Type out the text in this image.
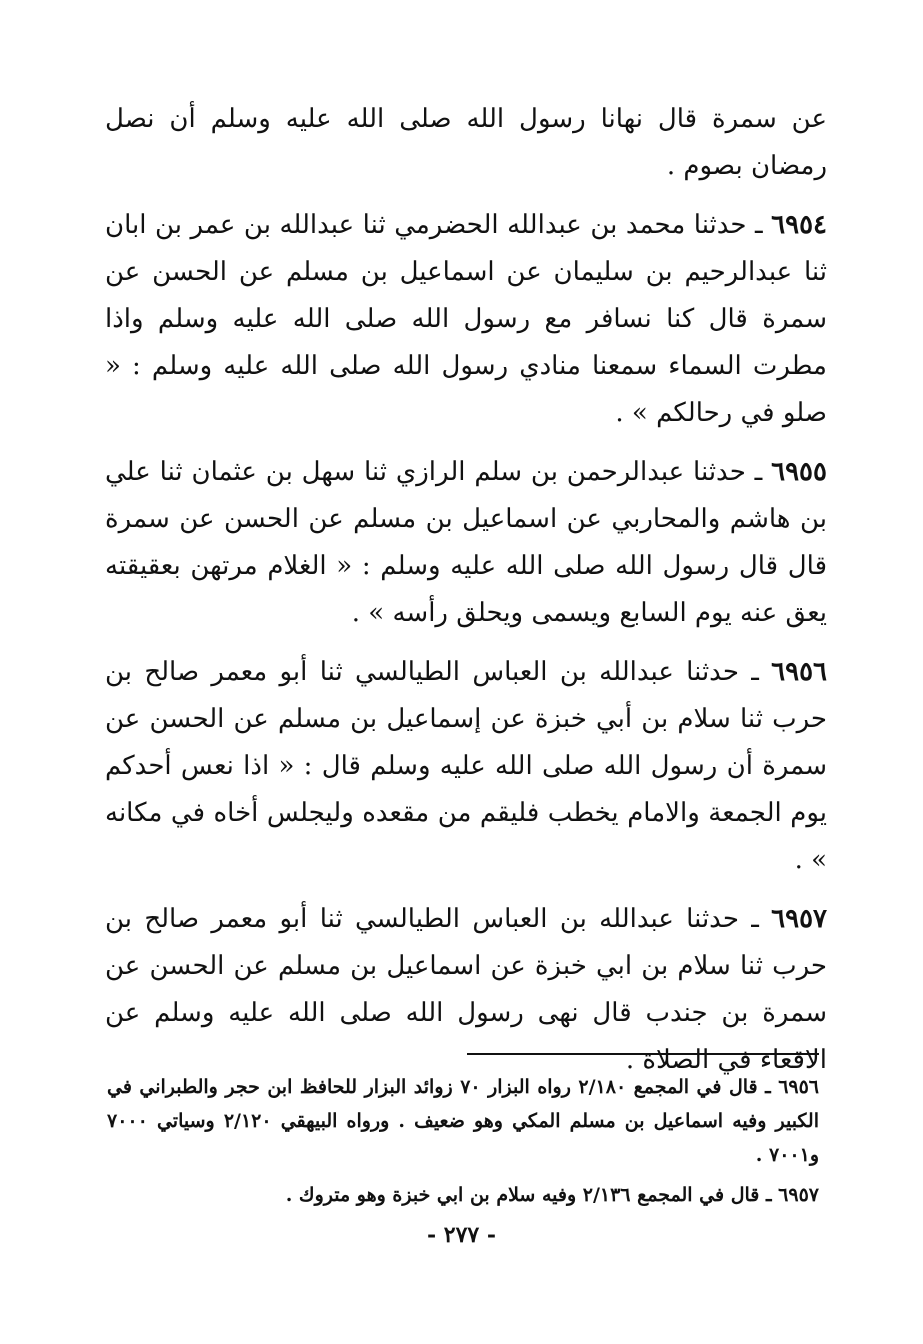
عن سمرة قال نهانا رسول الله صلى الله عليه وسلم أن نصل رمضان بصوم .

٦٩٥٤ ـ حدثنا محمد بن عبدالله الحضرمي ثنا عبدالله بن عمر بن ابان ثنا عبدالرحيم بن سليمان عن اسماعيل بن مسلم عن الحسن عن سمرة قال كنا نسافر مع رسول الله صلى الله عليه وسلم واذا مطرت السماء سمعنا منادي رسول الله صلى الله عليه وسلم : « صلو في رحالكم » .

٦٩٥٥ ـ حدثنا عبدالرحمن بن سلم الرازي ثنا سهل بن عثمان ثنا علي بن هاشم والمحاربي عن اسماعيل بن مسلم عن الحسن عن سمرة قال قال رسول الله صلى الله عليه وسلم : « الغلام مرتهن بعقيقته يعق عنه يوم السابع ويسمى ويحلق رأسه » .

٦٩٥٦ ـ حدثنا عبدالله بن العباس الطيالسي ثنا أبو معمر صالح بن حرب ثنا سلام بن أبي خبزة عن إسماعيل بن مسلم عن الحسن عن سمرة أن رسول الله صلى الله عليه وسلم قال : « اذا نعس أحدكم يوم الجمعة والامام يخطب فليقم من مقعده وليجلس أخاه في مكانه » .

٦٩٥٧ ـ حدثنا عبدالله بن العباس الطيالسي ثنا أبو معمر صالح بن حرب ثنا سلام بن ابي خبزة عن اسماعيل بن مسلم عن الحسن عن سمرة بن جندب قال نهى رسول الله صلى الله عليه وسلم عن الاقعاء في الصلاة .

٦٩٥٦ ـ قال في المجمع ٢/١٨٠ رواه البزار ٧٠ زوائد البزار للحافظ ابن حجر والطبراني في الكبير وفيه اسماعيل بن مسلم المكي وهو ضعيف . ورواه البيهقي ٢/١٢٠ وسياتي ٧٠٠٠ و٧٠٠١ .

٦٩٥٧ ـ قال في المجمع ٢/١٣٦ وفيه سلام بن ابي خبزة وهو متروك .

- ٢٧٧ -
